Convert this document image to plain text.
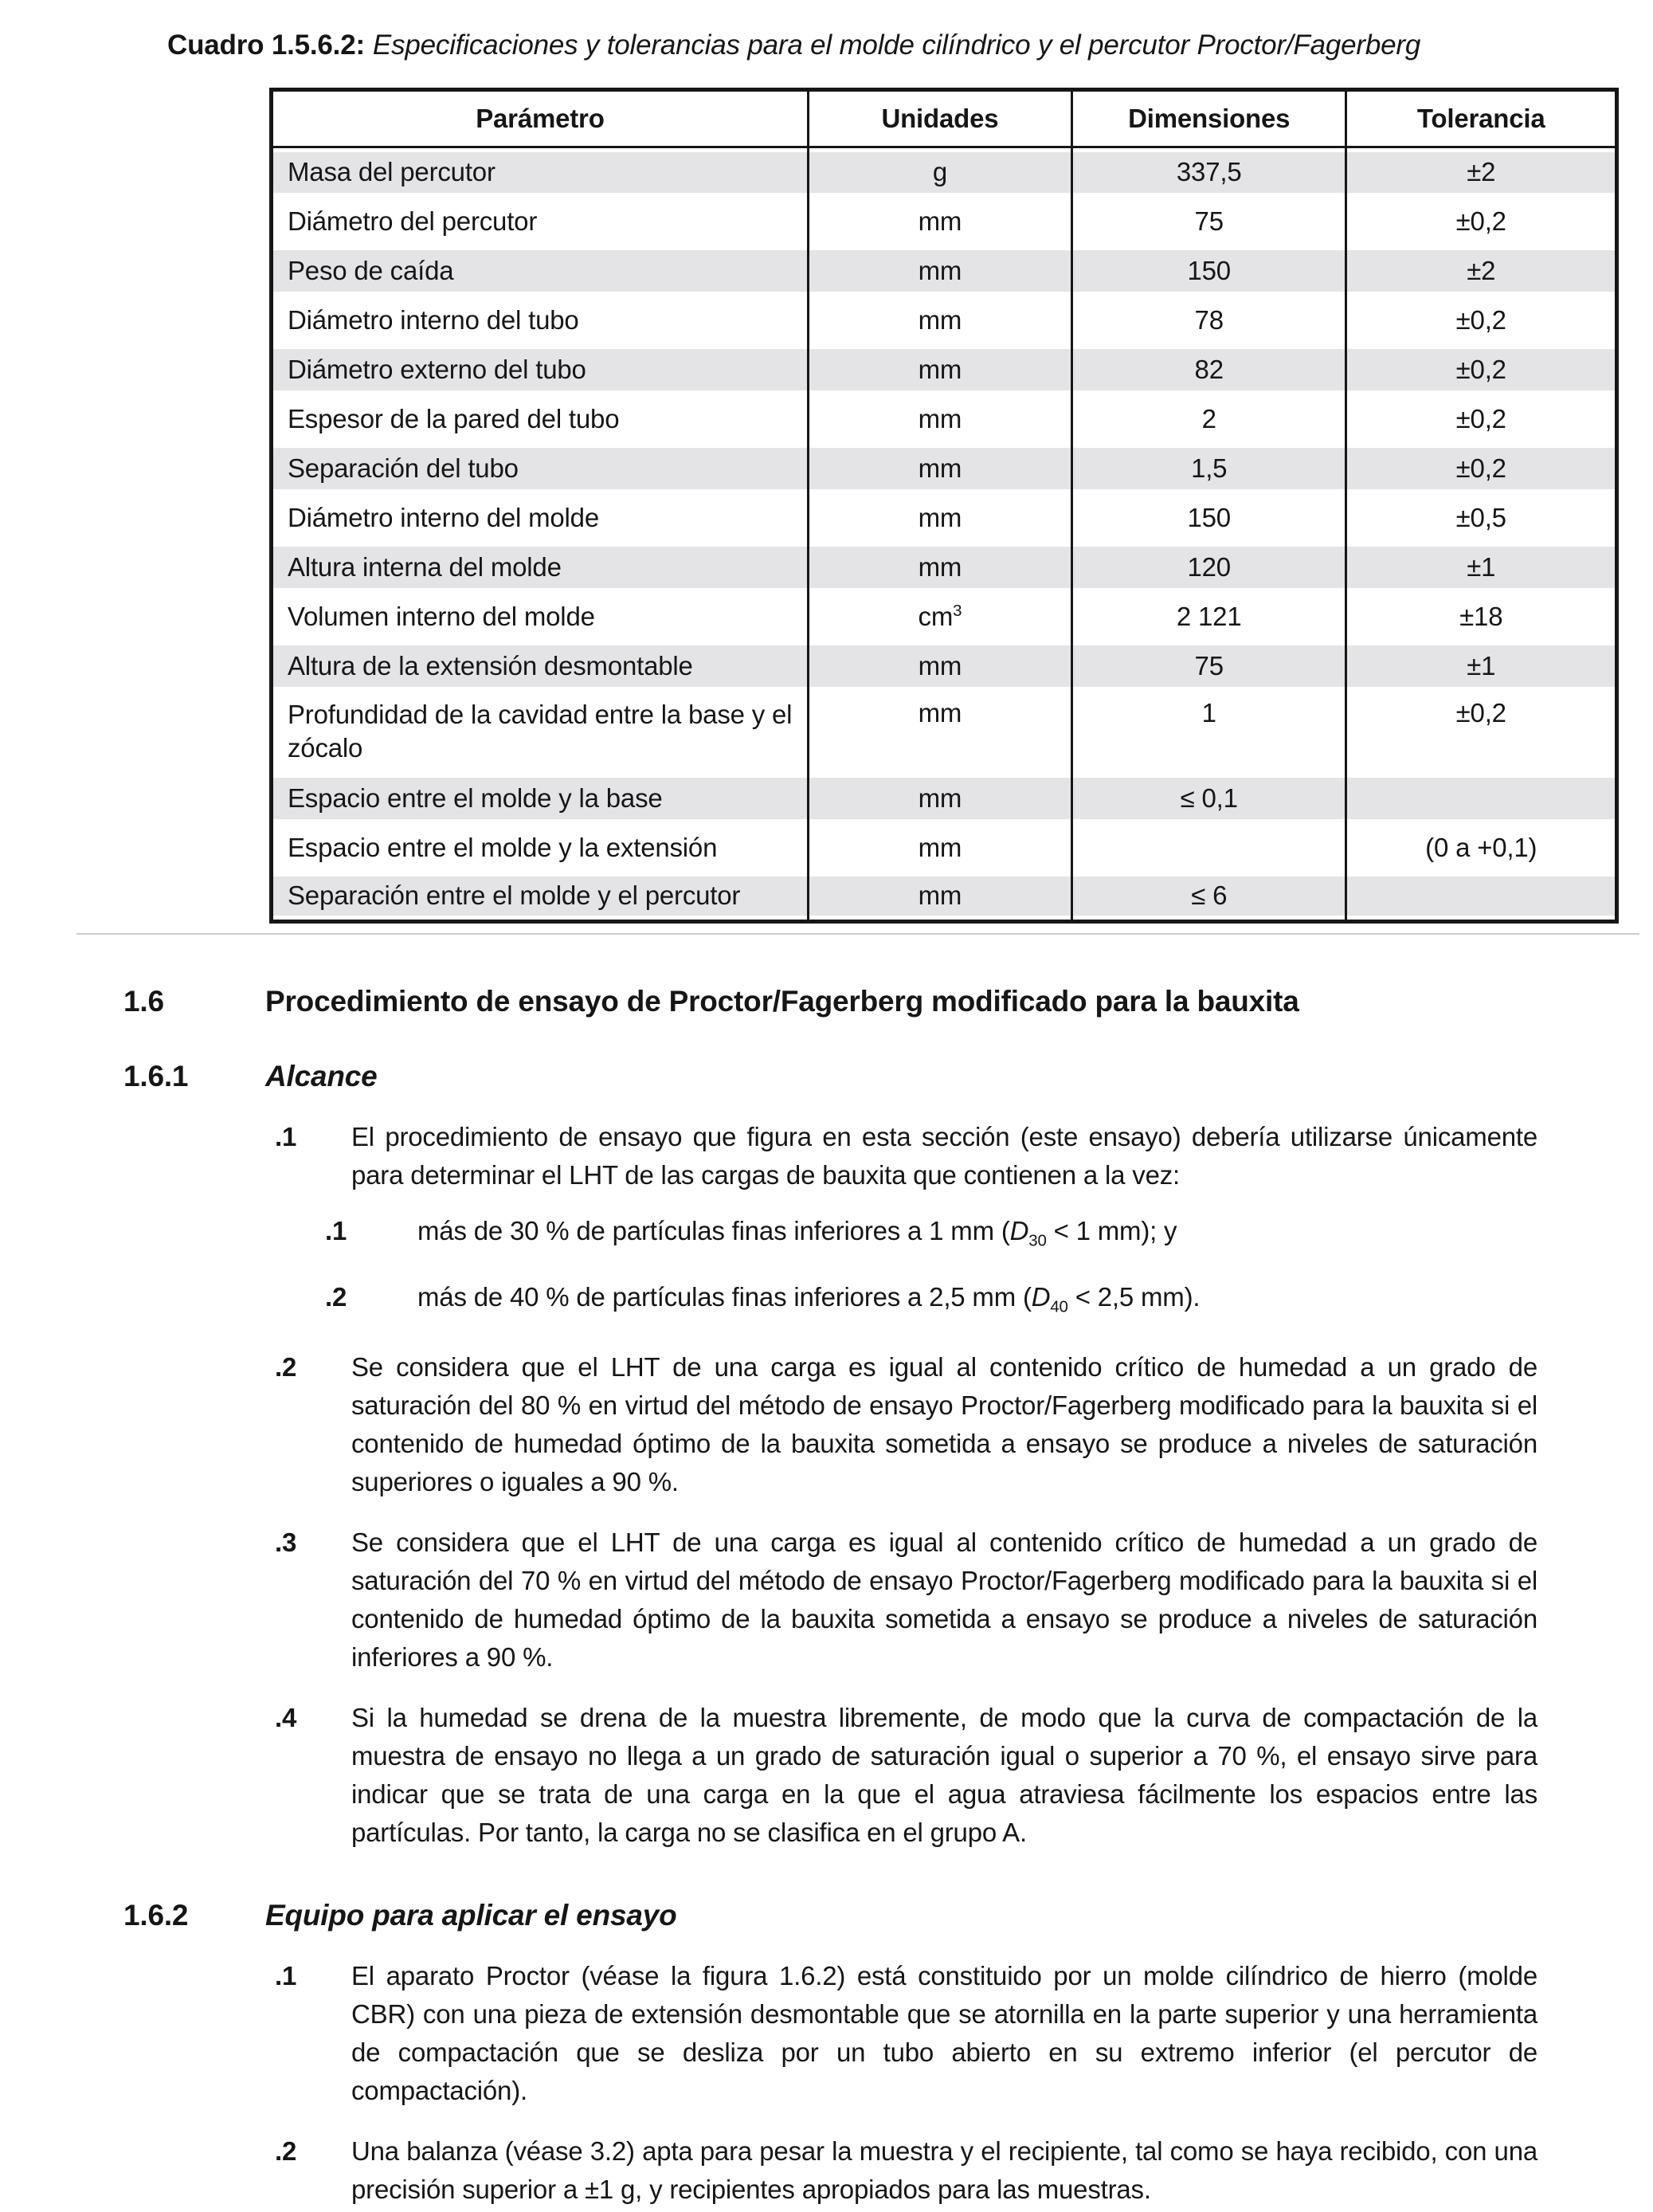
Cuadro 1.5.6.2: Especificaciones y tolerancias para el molde cilíndrico y el percutor Proctor/Fagerberg
Parámetro	Unidades	Dimensiones	Tolerancia
Masa del percutor	g	337,5	±2
Diámetro del percutor	mm	75	±0,2
Peso de caída	mm	150	±2
Diámetro interno del tubo	mm	78	±0,2
Diámetro externo del tubo	mm	82	±0,2
Espesor de la pared del tubo	mm	2	±0,2
Separación del tubo	mm	1,5	±0,2
Diámetro interno del molde	mm	150	±0,5
Altura interna del molde	mm	120	±1
Volumen interno del molde	$cm^3$	2 121	±18
Altura de la extensión desmontable	mm	75	±1
Profundidad de la cavidad entre la base y el zócalo	mm	1	±0,2
Espacio entre el molde y la base	mm	≤ 0,1	
Espacio entre el molde y la extensión	mm		(0 a +0,1)
Separación entre el molde y el percutor	mm	≤ 6	
1.6	Procedimiento de ensayo de Proctor/Fagerberg modificado para la bauxita
1.6.1	Alcance
.1	El procedimiento de ensayo que figura en esta sección (este ensayo) debería utilizarse únicamente para determinar el LHT de las cargas de bauxita que contienen a la vez:

.1	más de 30 % de partículas finas inferiores a 1 mm ($D_{30} < 1$ mm); y
.2	más de 40 % de partículas finas inferiores a 2,5 mm ($D_{40} < 2,5$ mm).
.2	Se considera que el LHT de una carga es igual al contenido crítico de humedad a un grado de saturación del 80 % en virtud del método de ensayo Proctor/Fagerberg modificado para la bauxita si el contenido de humedad óptimo de la bauxita sometida a ensayo se produce a niveles de saturación superiores o iguales a 90 %.

.3	Se considera que el LHT de una carga es igual al contenido crítico de humedad a un grado de saturación del 70 % en virtud del método de ensayo Proctor/Fagerberg modificado para la bauxita si el contenido de humedad óptimo de la bauxita sometida a ensayo se produce a niveles de saturación inferiores a 90 %.

.4	Si la humedad se drena de la muestra libremente, de modo que la curva de compactación de la muestra de ensayo no llega a un grado de saturación igual o superior a 70 %, el ensayo sirve para indicar que se trata de una carga en la que el agua atraviesa fácilmente los espacios entre las partículas. Por tanto, la carga no se clasifica en el grupo A.

1.6.2	Equipo para aplicar el ensayo
.1	El aparato Proctor (véase la figura 1.6.2) está constituido por un molde cilíndrico de hierro (molde CBR) con una pieza de extensión desmontable que se atornilla en la parte superior y una herramienta de compactación que se desliza por un tubo abierto en su extremo inferior (el percutor de compactación).

.2	Una balanza (véase 3.2) apta para pesar la muestra y el recipiente, tal como se haya recibido, con una precisión superior a ±1 g, y recipientes apropiados para las muestras.
